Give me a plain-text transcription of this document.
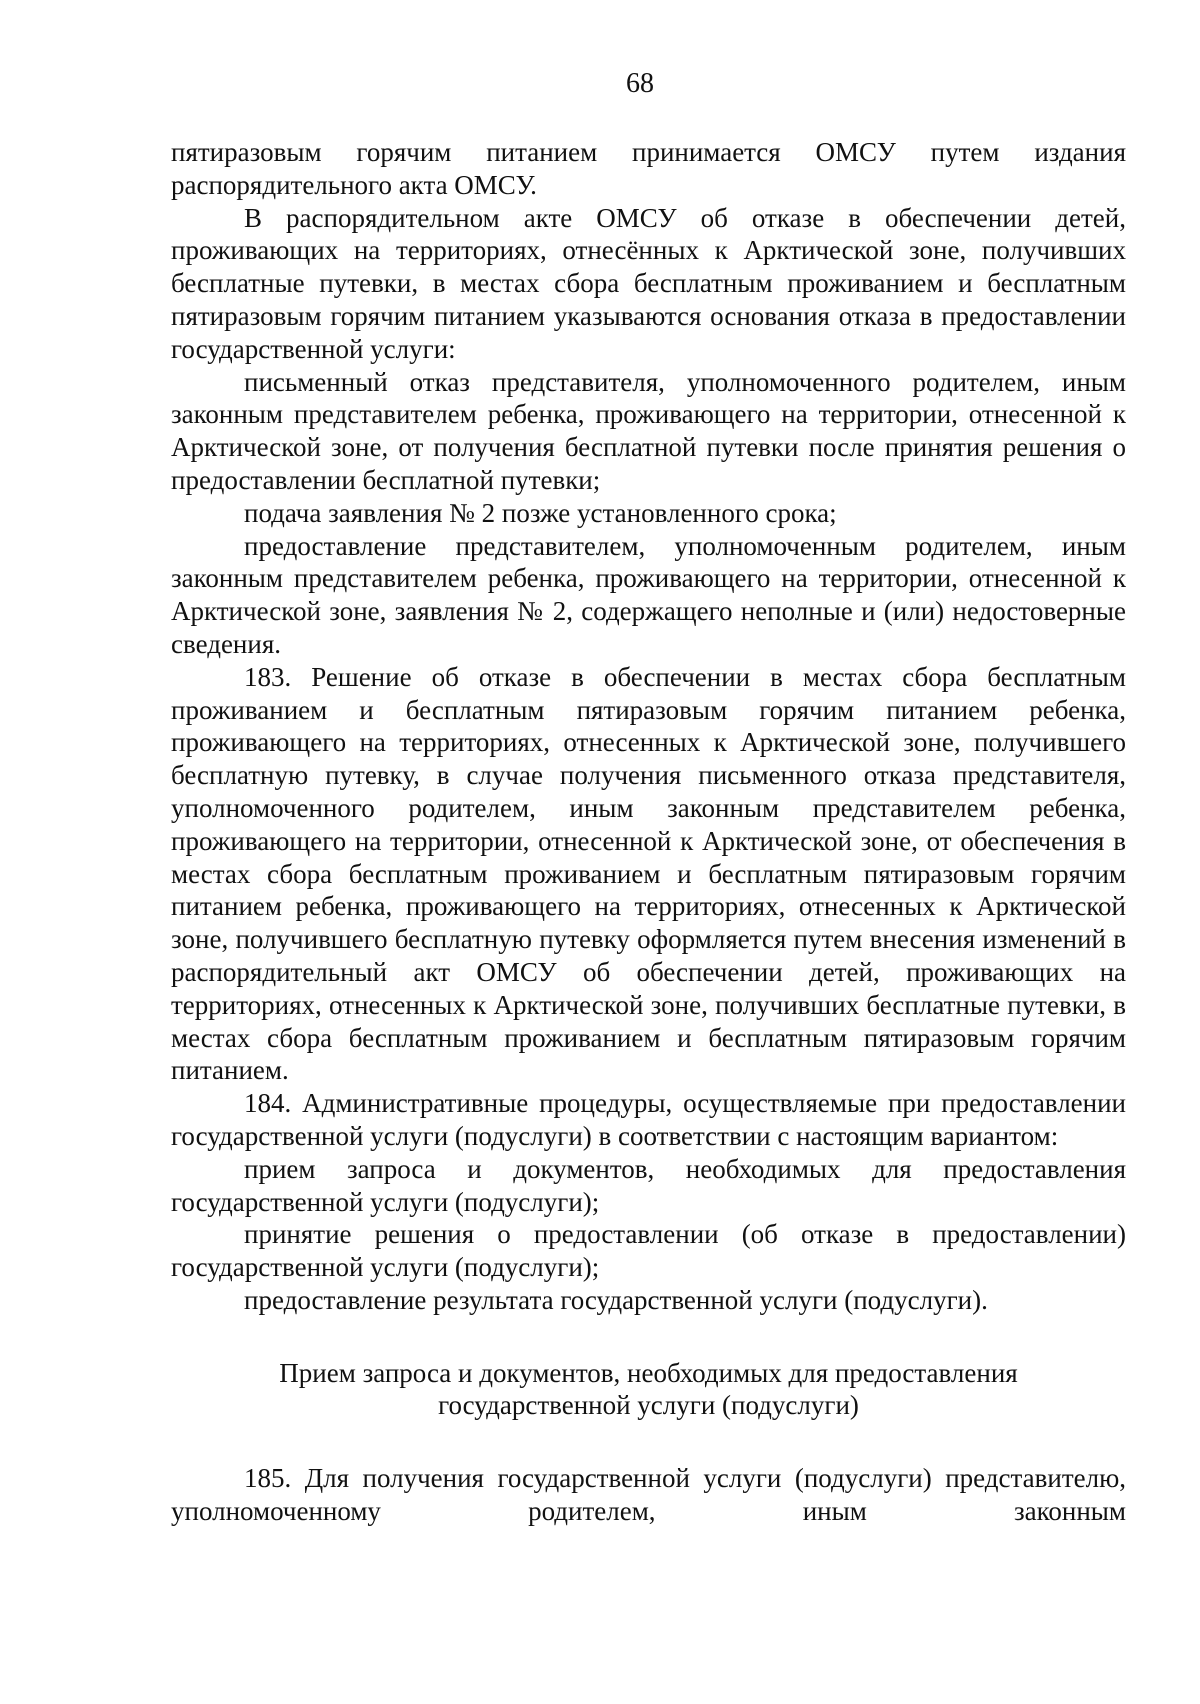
68

пятиразовым горячим питанием принимается ОМСУ путем издания распорядительного акта ОМСУ.

В распорядительном акте ОМСУ об отказе в обеспечении детей, проживающих на территориях, отнесённых к Арктической зоне, получивших бесплатные путевки, в местах сбора бесплатным проживанием и бесплатным пятиразовым горячим питанием указываются основания отказа в предоставлении государственной услуги:

письменный отказ представителя, уполномоченного родителем, иным законным представителем ребенка, проживающего на территории, отнесенной к Арктической зоне, от получения бесплатной путевки после принятия решения о предоставлении бесплатной путевки;

подача заявления № 2 позже установленного срока;

предоставление представителем, уполномоченным родителем, иным законным представителем ребенка, проживающего на территории, отнесенной к Арктической зоне, заявления № 2, содержащего неполные и (или) недостоверные сведения.

183. Решение об отказе в обеспечении в местах сбора бесплатным проживанием и бесплатным пятиразовым горячим питанием ребенка, проживающего на территориях, отнесенных к Арктической зоне, получившего бесплатную путевку, в случае получения письменного отказа представителя, уполномоченного родителем, иным законным представителем ребенка, проживающего на территории, отнесенной к Арктической зоне, от обеспечения в местах сбора бесплатным проживанием и бесплатным пятиразовым горячим питанием ребенка, проживающего на территориях, отнесенных к Арктической зоне, получившего бесплатную путевку оформляется путем внесения изменений в распорядительный акт ОМСУ об обеспечении детей, проживающих на территориях, отнесенных к Арктической зоне, получивших бесплатные путевки, в местах сбора бесплатным проживанием и бесплатным пятиразовым горячим питанием.

184. Административные процедуры, осуществляемые при предоставлении государственной услуги (подуслуги) в соответствии с настоящим вариантом:

прием запроса и документов, необходимых для предоставления государственной услуги (подуслуги);

принятие решения о предоставлении (об отказе в предоставлении) государственной услуги (подуслуги);

предоставление результата государственной услуги (подуслуги).

Прием запроса и документов, необходимых для предоставления

государственной услуги (подуслуги)

185. Для получения государственной услуги (подуслуги) представителю, уполномоченному родителем, иным законным
